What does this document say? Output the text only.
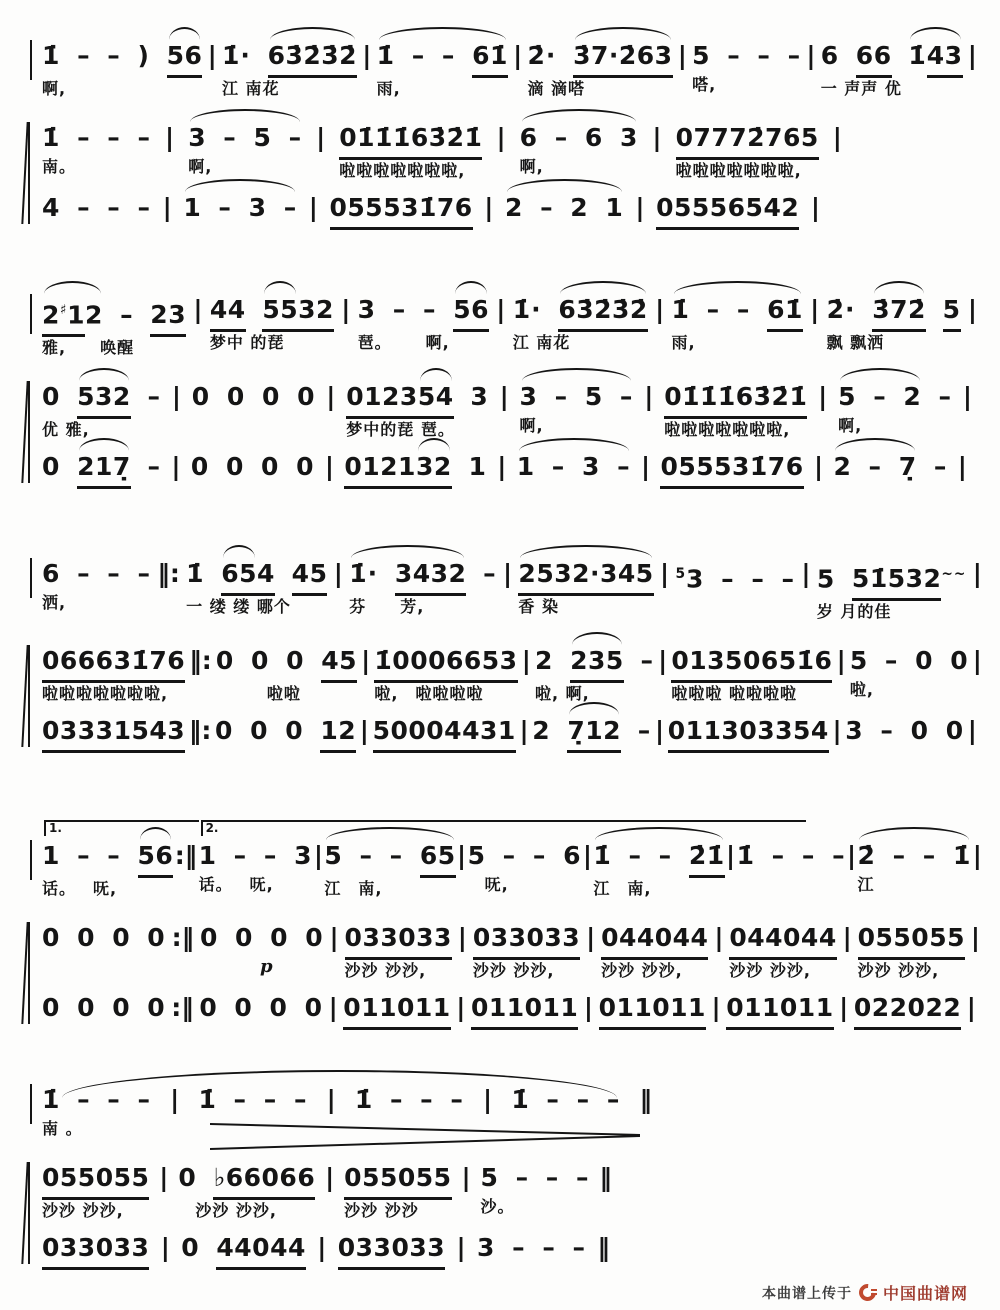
1̇ – – ) 56
啊,
| 1̇· 63̇2̇3̇2̇
江 南花
| 1̇ – – 61̇
雨,
| 2̇· 3̇7·2̇63
滴 滴嗒
| 5 – – –
嗒,
| 6 66 1̇43
一 声声 优
|
1̇ – – –
南。
| 3 – 5 –
啊,
| 01̇1̇1̇63̇2̇1̇
啦啦啦啦啦啦啦,
| 6 – 6 3
啊,
| 07772̇765
啦啦啦啦啦啦啦,
|
4 – – – | 1 – 3 – | 055531̇76 | 2 – 2 1 | 05556542 |
2♯12 – 23
雅,  唤醒
| 44 5532
梦中 的琵
| 3 – – 56
琶。  啊,
| 1̇· 63̇2̇3̇2̇
江 南花
| 1̇ – – 61̇
雨,
| 2̇· 3̇72̇ 5
飘 飘洒
|
0 532 –
优 雅,
| 0 0 0 0 | 012354 3
梦中的琵 琶。
| 3 – 5 –
啊,
| 01̇1̇1̇63̇2̇1̇
啦啦啦啦啦啦啦,
| 5 – 2 –
啊,
|
0 217̣ – | 0 0 0 0 | 012132 1 | 1 – 3 – | 055531̇76 | 2 – 7̣ – |
6 – – –
洒,
‖: 1̇ 654 45
一 缕 缕 哪个
| 1̇· 3432 –
芬  芳,
| 2532·345
香 染
| $^5$3 – – – | 5 51̇532~~
岁 月的佳
|
066631̇76
啦啦啦啦啦啦啦,
‖: 0 0 0 45
   啦啦
| 1̇0006653
啦, 啦啦啦啦
| 2 235 –
啦, 啊,
| 01350651̇6
啦啦啦 啦啦啦啦
| 5 – 0 0
啦,
|
03331543 ‖: 0 0 0 12 | 50004431 | 2 7̣12 – | 011303354 | 3 – 0 0 |
1.
1 – – 56
话。 呒,
:‖
2.
1 – – 3
话。 呒,
| 5 – – 65
江 南,
| 5 – – 6
 呒,
| 1̇ – – 2̇1̇
江 南,
| 1̇ – – – | 2̇ – – 1̇
江
|
0 0 0 0 :‖ 0 0 0 0
p
| 033033
沙沙 沙沙,
| 033033
沙沙 沙沙,
| 044044
沙沙 沙沙,
| 044044
沙沙 沙沙,
| 055055
沙沙 沙沙,
|
0 0 0 0 :‖ 0 0 0 0 | 011011 | 011011 | 011011 | 011011 | 022022 |
1̇ – – –
南 。
| 1̇ – – – | 1̇ – – – | 1̇ – – – ‖
055055
沙沙 沙沙,
| 0 ♭66066
 沙沙 沙沙,
| 055055
沙沙 沙沙
| 5 – – –
沙。
‖
033033 | 0 44044 | 033033 | 3 – – – ‖
本曲谱上传于 中国曲谱网
